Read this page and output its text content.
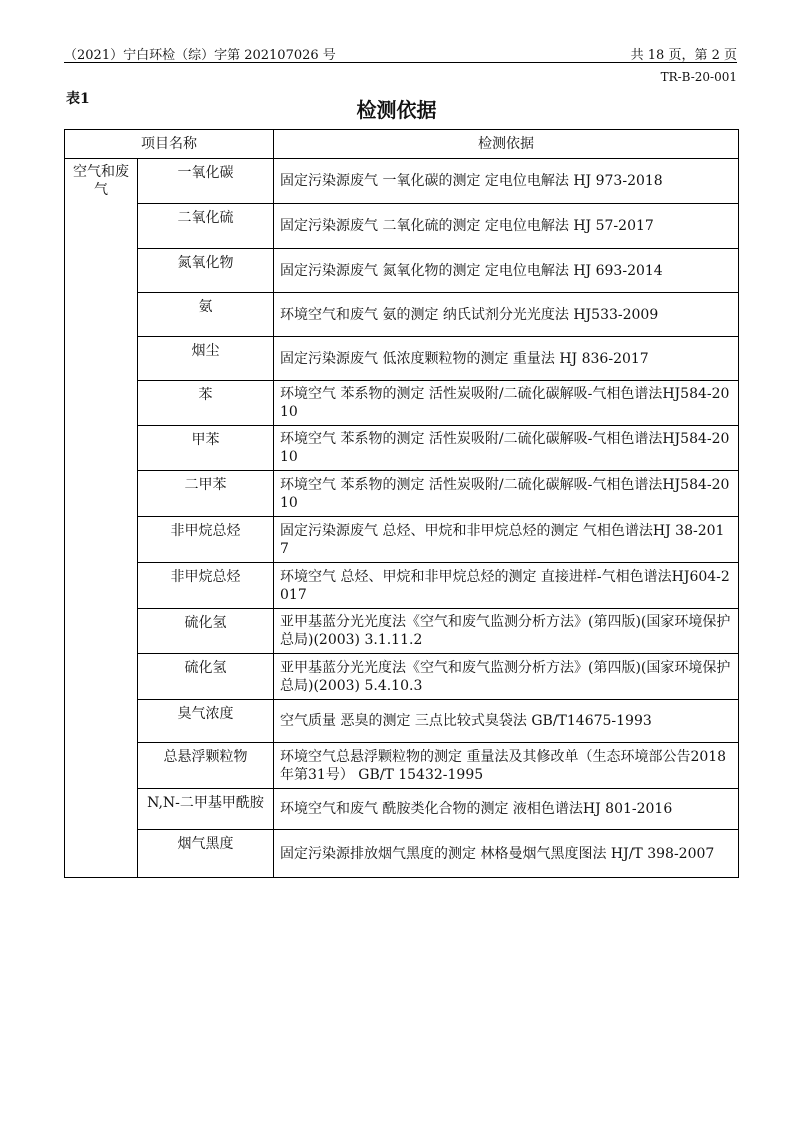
（2021）宁白环检（综）字第 202107026 号	共 18 页，第 2 页
TR-B-20-001
表1	检测依据
项目名称		检测依据
空气和废气	一氧化碳	固定污染源废气 一氧化碳的测定 定电位电解法 HJ 973-2018
	二氧化硫	固定污染源废气 二氧化硫的测定 定电位电解法 HJ 57-2017
	氮氧化物	固定污染源废气 氮氧化物的测定 定电位电解法 HJ 693-2014
	氨	环境空气和废气 氨的测定 纳氏试剂分光光度法 HJ533-2009
	烟尘	固定污染源废气 低浓度颗粒物的测定 重量法 HJ 836-2017
	苯	环境空气 苯系物的测定 活性炭吸附/二硫化碳解吸-气相色谱法HJ584-2010
	甲苯	环境空气 苯系物的测定 活性炭吸附/二硫化碳解吸-气相色谱法HJ584-2010
	二甲苯	环境空气 苯系物的测定 活性炭吸附/二硫化碳解吸-气相色谱法HJ584-2010
	非甲烷总烃	固定污染源废气 总烃、甲烷和非甲烷总烃的测定 气相色谱法HJ 38-2017
	非甲烷总烃	环境空气 总烃、甲烷和非甲烷总烃的测定 直接进样-气相色谱法HJ604-2017
	硫化氢	亚甲基蓝分光光度法《空气和废气监测分析方法》(第四版)(国家环境保护总局)(2003) 3.1.11.2
	硫化氢	亚甲基蓝分光光度法《空气和废气监测分析方法》(第四版)(国家环境保护总局)(2003) 5.4.10.3
	臭气浓度	空气质量 恶臭的测定 三点比较式臭袋法 GB/T14675-1993
	总悬浮颗粒物	环境空气总悬浮颗粒物的测定 重量法及其修改单（生态环境部公告2018年第31号） GB/T 15432-1995
	N,N-二甲基甲酰胺	环境空气和废气 酰胺类化合物的测定 液相色谱法HJ 801-2016
	烟气黑度	固定污染源排放烟气黑度的测定 林格曼烟气黑度图法 HJ/T 398-2007
